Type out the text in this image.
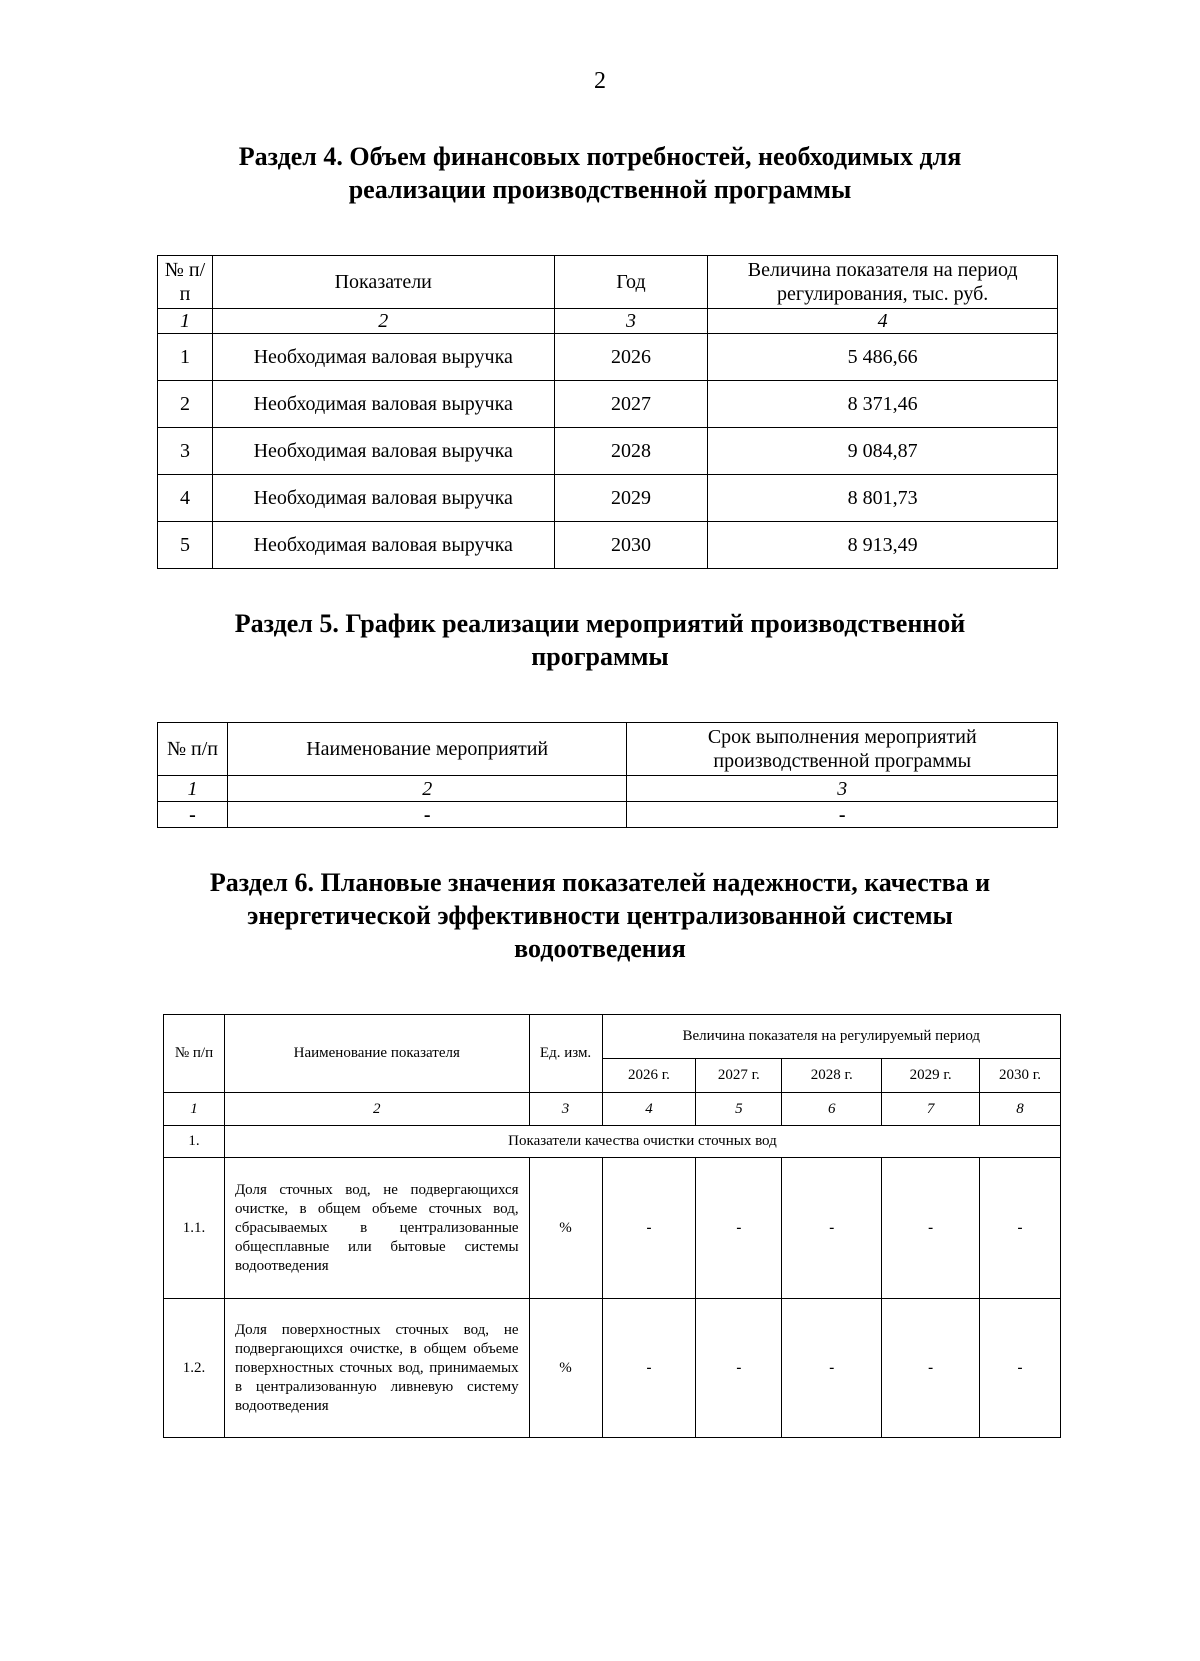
2
Раздел 4. Объем финансовых потребностей, необходимых для
реализации производственной программы
№ п/п	Показатели	Год	Величина показателя на период регулирования, тыс. руб.
1	2	3	4
1	Необходимая валовая выручка	2026	5 486,66
2	Необходимая валовая выручка	2027	8 371,46
3	Необходимая валовая выручка	2028	9 084,87
4	Необходимая валовая выручка	2029	8 801,73
5	Необходимая валовая выручка	2030	8 913,49
Раздел 5. График реализации мероприятий производственной
программы
№ п/п	Наименование мероприятий	Срок выполнения мероприятий производственной программы
1	2	3
-	-	-
Раздел 6. Плановые значения показателей надежности, качества и
энергетической эффективности централизованной системы
водоотведения
№ п/п	Наименование показателя	Ед. изм.	Величина показателя на регулируемый период				
			2026 г.	2027 г.	2028 г.	2029 г.	2030 г.
1	2	3	4	5	6	7	8
1.	Показатели качества очистки сточных вод						
1.1.	Доля сточных вод, не подвергающихся очистке, в общем объеме сточных вод, сбрасываемых в централизованные общесплавные или бытовые системы водоотведения	%	-	-	-	-	-
1.2.	Доля поверхностных сточных вод, не подвергающихся очистке, в общем объеме поверхностных сточных вод, принимаемых в централизованную ливневую систему водоотведения	%	-	-	-	-	-
